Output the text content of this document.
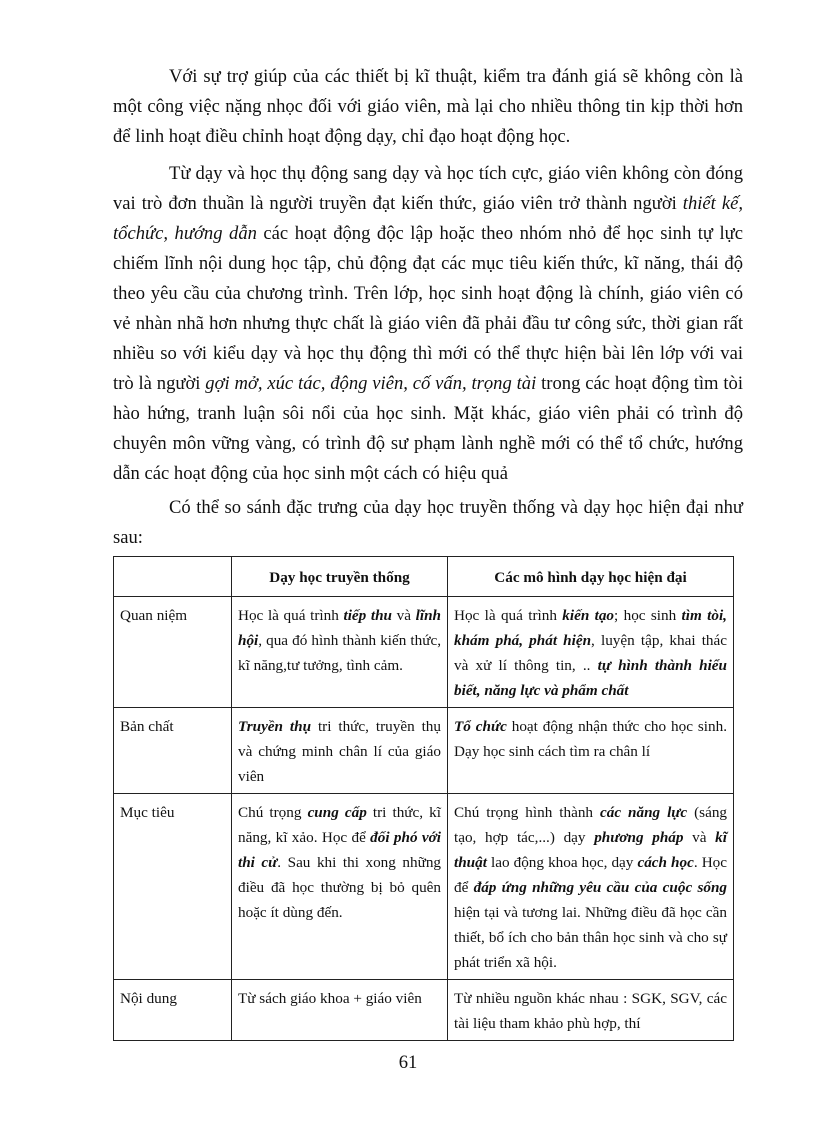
Với sự trợ giúp của các thiết bị kĩ thuật, kiểm tra đánh giá sẽ không còn là một công việc nặng nhọc đối với giáo viên, mà lại cho nhiều thông tin kịp thời hơn để linh hoạt điều chỉnh hoạt động dạy, chỉ đạo hoạt động học.

Từ dạy và học thụ động sang dạy và học tích cực, giáo viên không còn đóng vai trò đơn thuần là người truyền đạt kiến thức, giáo viên trở thành người thiết kế, tổchức, hướng dẫn các hoạt động độc lập hoặc theo nhóm nhỏ để học sinh tự lực chiếm lĩnh nội dung học tập, chủ động đạt các mục tiêu kiến thức, kĩ năng, thái độ theo yêu cầu của chương trình. Trên lớp, học sinh hoạt động là chính, giáo viên có vẻ nhàn nhã hơn nhưng thực chất là giáo viên đã phải đầu tư công sức, thời gian rất nhiều so với kiểu dạy và học thụ động thì mới có thể thực hiện bài lên lớp với vai trò là người gợi mở, xúc tác, động viên, cố vấn, trọng tài trong các hoạt động tìm tòi hào hứng, tranh luận sôi nổi của học sinh. Mặt khác, giáo viên phải có trình độ chuyên môn vững vàng, có trình độ sư phạm lành nghề mới có thể tổ chức, hướng dẫn các hoạt động của học sinh một cách có hiệu quả

Có thể so sánh đặc trưng của dạy học truyền thống và dạy học hiện đại như sau:

	Dạy học truyền thống	Các mô hình dạy học hiện đại
Quan niệm	Học là quá trình tiếp thu và lĩnh hội, qua đó hình thành kiến thức, kĩ năng,tư tưởng, tình cảm.	Học là quá trình kiến tạo; học sinh tìm tòi, khám phá, phát hiện, luyện tập, khai thác và xử lí thông tin, .. tự hình thành hiểu biết, năng lực và phẩm chất
Bản chất	Truyền thụ tri thức, truyền thụ và chứng minh chân lí của giáo viên	Tổ chức hoạt động nhận thức cho học sinh. Dạy học sinh cách tìm ra chân lí
Mục tiêu	Chú trọng cung cấp tri thức, kĩ năng, kĩ xảo. Học để đối phó với thi cử. Sau khi thi xong những điều đã học thường bị bỏ quên hoặc ít dùng đến.	Chú trọng hình thành các năng lực (sáng tạo, hợp tác,...) dạy phương pháp và kĩ thuật lao động khoa học, dạy cách học. Học để đáp ứng những yêu cầu của cuộc sống hiện tại và tương lai. Những điều đã học cần thiết, bổ ích cho bản thân học sinh và cho sự phát triển xã hội.
Nội dung	Từ sách giáo khoa + giáo viên	Từ nhiều nguồn khác nhau : SGK, SGV, các tài liệu tham khảo phù hợp, thí
61
